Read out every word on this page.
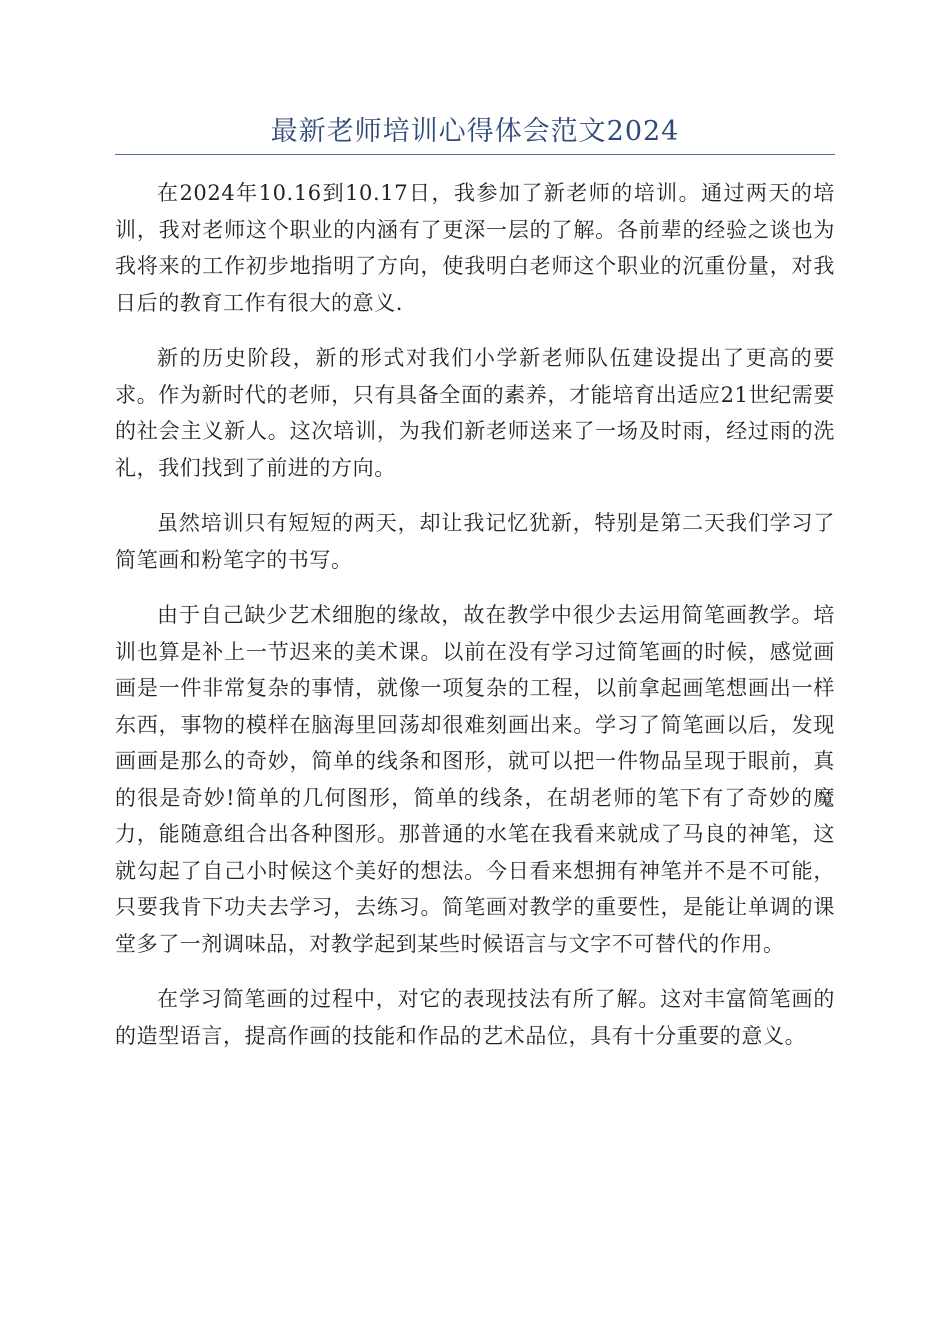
最新老师培训心得体会范文2024

在2024年10.16到10.17日，我参加了新老师的培训。通过两天的培训，我对老师这个职业的内涵有了更深一层的了解。各前辈的经验之谈也为我将来的工作初步地指明了方向，使我明白老师这个职业的沉重份量，对我日后的教育工作有很大的意义.

新的历史阶段，新的形式对我们小学新老师队伍建设提出了更高的要求。作为新时代的老师，只有具备全面的素养，才能培育出适应21世纪需要的社会主义新人。这次培训，为我们新老师送来了一场及时雨，经过雨的洗礼，我们找到了前进的方向。

虽然培训只有短短的两天，却让我记忆犹新，特别是第二天我们学习了简笔画和粉笔字的书写。

由于自己缺少艺术细胞的缘故，故在教学中很少去运用简笔画教学。培训也算是补上一节迟来的美术课。以前在没有学习过简笔画的时候，感觉画画是一件非常复杂的事情，就像一项复杂的工程，以前拿起画笔想画出一样东西，事物的模样在脑海里回荡却很难刻画出来。学习了简笔画以后，发现画画是那么的奇妙，简单的线条和图形，就可以把一件物品呈现于眼前，真的很是奇妙!简单的几何图形，简单的线条，在胡老师的笔下有了奇妙的魔力，能随意组合出各种图形。那普通的水笔在我看来就成了马良的神笔，这就勾起了自己小时候这个美好的想法。今日看来想拥有神笔并不是不可能，只要我肯下功夫去学习，去练习。简笔画对教学的重要性，是能让单调的课堂多了一剂调味品，对教学起到某些时候语言与文字不可替代的作用。

在学习简笔画的过程中，对它的表现技法有所了解。这对丰富简笔画的的造型语言，提高作画的技能和作品的艺术品位，具有十分重要的意义。
